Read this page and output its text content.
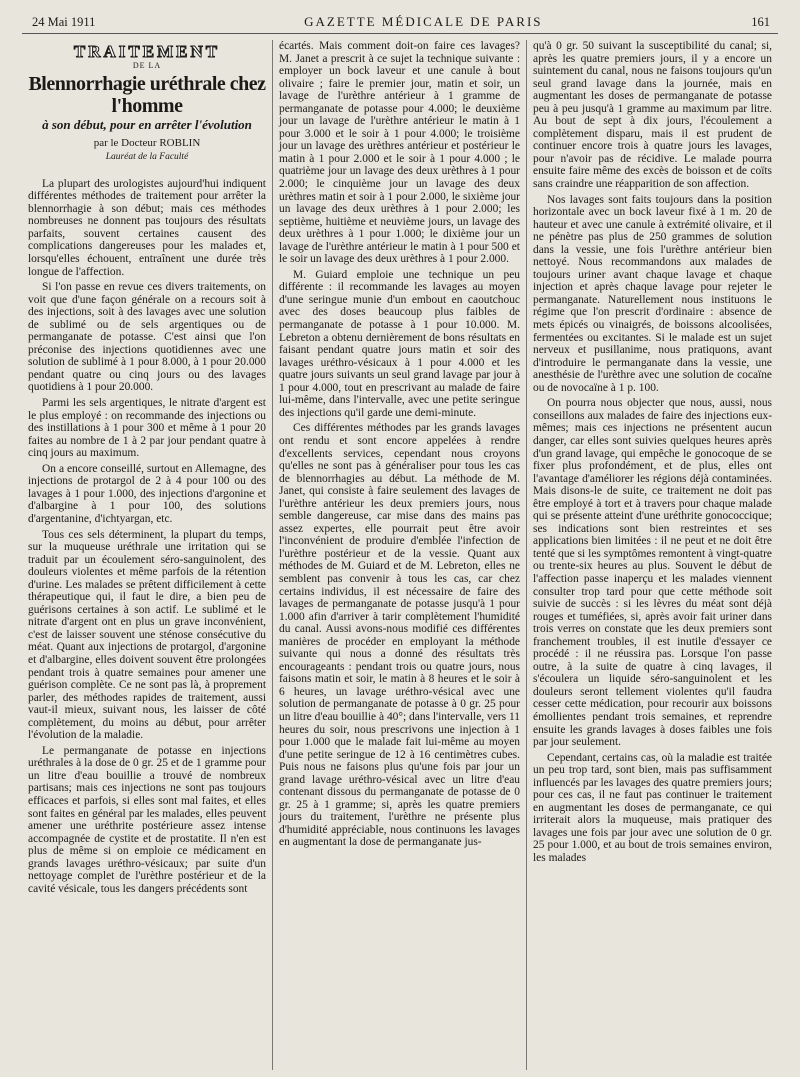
24 Mai 1911	GAZETTE MÉDICALE DE PARIS	161
TRAITEMENT
DE LA
Blennorrhagie uréthrale chez l'homme
à son début, pour en arrêter l'évolution
par le Docteur ROBLIN
Lauréat de la Faculté

La plupart des urologistes aujourd'hui indiquent différentes méthodes de traitement pour arrêter la blennorrhagie à son début; mais ces méthodes nombreuses ne donnent pas toujours des résultats parfaits, souvent certaines causent des complications dangereuses pour les malades et, lorsqu'elles échouent, entraînent une durée très longue de l'affection.

Si l'on passe en revue ces divers traitements, on voit que d'une façon générale on a recours soit à des injections, soit à des lavages avec une solution de sublimé ou de sels argentiques ou de permanganate de potasse. C'est ainsi que l'on préconise des injections quotidiennes avec une solution de sublimé à 1 pour 8.000, à 1 pour 20.000 pendant quatre ou cinq jours ou des lavages quotidiens à 1 pour 20.000.

Parmi les sels argentiques, le nitrate d'argent est le plus employé : on recommande des injections ou des instillations à 1 pour 300 et même à 1 pour 20 faites au nombre de 1 à 2 par jour pendant quatre à cinq jours au maximum.

On a encore conseillé, surtout en Allemagne, des injections de protargol de 2 à 4 pour 100 ou des lavages à 1 pour 1.000, des injections d'argonine et d'albargine à 1 pour 100, des solutions d'argentanine, d'ichtyargan, etc.

Tous ces sels déterminent, la plupart du temps, sur la muqueuse uréthrale une irritation qui se traduit par un écoulement séro-sanguinolent, des douleurs violentes et même parfois de la rétention d'urine. Les malades se prêtent difficilement à cette thérapeutique qui, il faut le dire, a bien peu de guérisons certaines à son actif. Le sublimé et le nitrate d'argent ont en plus un grave inconvénient, c'est de laisser souvent une sténose consécutive du méat. Quant aux injections de protargol, d'argonine et d'albargine, elles doivent souvent être prolongées pendant trois à quatre semaines pour amener une guérison complète. Ce ne sont pas là, à proprement parler, des méthodes rapides de traitement, aussi vaut-il mieux, suivant nous, les laisser de côté complètement, du moins au début, pour arrêter l'évolution de la maladie.

Le permanganate de potasse en injections uréthrales à la dose de 0 gr. 25 et de 1 gramme pour un litre d'eau bouillie a trouvé de nombreux partisans; mais ces injections ne sont pas toujours efficaces et parfois, si elles sont mal faites, et elles sont faites en général par les malades, elles peuvent amener une uréthrite postérieure assez intense accompagnée de cystite et de prostatite. Il n'en est plus de même si on emploie ce médicament en grands lavages uréthro-vésicaux; par suite d'un nettoyage complet de l'urèthre postérieur et de la cavité vésicale, tous les dangers précédents sont

écartés. Mais comment doit-on faire ces lavages? M. Janet a prescrit à ce sujet la technique suivante : employer un bock laveur et une canule à bout olivaire ; faire le premier jour, matin et soir, un lavage de l'urèthre antérieur à 1 gramme de permanganate de potasse pour 4.000; le deuxième jour un lavage de l'urèthre antérieur le matin à 1 pour 3.000 et le soir à 1 pour 4.000; le troisième jour un lavage des urèthres antérieur et postérieur le matin à 1 pour 2.000 et le soir à 1 pour 4.000 ; le quatrième jour un lavage des deux urèthres à 1 pour 2.000; le cinquième jour un lavage des deux urèthres matin et soir à 1 pour 2.000, le sixième jour un lavage des deux urèthres à 1 pour 2.000; les septième, huitième et neuvième jours, un lavage des deux urèthres à 1 pour 1.000; le dixième jour un lavage de l'urèthre antérieur le matin à 1 pour 500 et le soir un lavage des deux urèthres à 1 pour 2.000.

M. Guiard emploie une technique un peu différente : il recommande les lavages au moyen d'une seringue munie d'un embout en caoutchouc avec des doses beaucoup plus faibles de permanganate de potasse à 1 pour 10.000. M. Lebreton a obtenu dernièrement de bons résultats en faisant pendant quatre jours matin et soir des lavages uréthro-vésicaux à 1 pour 4.000 et les quatre jours suivants un seul grand lavage par jour à 1 pour 4.000, tout en prescrivant au malade de faire lui-même, dans l'intervalle, avec une petite seringue des injections qu'il garde une demi-minute.

Ces différentes méthodes par les grands lavages ont rendu et sont encore appelées à rendre d'excellents services, cependant nous croyons qu'elles ne sont pas à généraliser pour tous les cas de blennorrhagies au début. La méthode de M. Janet, qui consiste à faire seulement des lavages de l'urèthre antérieur les deux premiers jours, nous semble dangereuse, car mise dans des mains pas assez expertes, elle pourrait peut être avoir l'inconvénient de produire d'emblée l'infection de l'urèthre postérieur et de la vessie. Quant aux méthodes de M. Guiard et de M. Lebreton, elles ne semblent pas convenir à tous les cas, car chez certains individus, il est nécessaire de faire des lavages de permanganate de potasse jusqu'à 1 pour 1.000 afin d'arriver à tarir complètement l'humidité du canal. Aussi avons-nous modifié ces différentes manières de procéder en employant la méthode suivante qui nous a donné des résultats très encourageants : pendant trois ou quatre jours, nous faisons matin et soir, le matin à 8 heures et le soir à 6 heures, un lavage uréthro-vésical avec une solution de permanganate de potasse à 0 gr. 25 pour un litre d'eau bouillie à 40°; dans l'intervalle, vers 11 heures du soir, nous prescrivons une injection à 1 pour 1.000 que le malade fait lui-même au moyen d'une petite seringue de 12 à 16 centimètres cubes. Puis nous ne faisons plus qu'une fois par jour un grand lavage uréthro-vésical avec un litre d'eau contenant dissous du permanganate de potasse de 0 gr. 25 à 1 gramme; si, après les quatre premiers jours du traitement, l'urèthre ne présente plus d'humidité appréciable, nous continuons les lavages en augmentant la dose de permanganate jus-

qu'à 0 gr. 50 suivant la susceptibilité du canal; si, après les quatre premiers jours, il y a encore un suintement du canal, nous ne faisons toujours qu'un seul grand lavage dans la journée, mais en augmentant les doses de permanganate de potasse peu à peu jusqu'à 1 gramme au maximum par litre. Au bout de sept à dix jours, l'écoulement a complètement disparu, mais il est prudent de continuer encore trois à quatre jours les lavages, pour n'avoir pas de récidive. Le malade pourra ensuite faire même des excès de boisson et de coïts sans craindre une réapparition de son affection.

Nos lavages sont faits toujours dans la position horizontale avec un bock laveur fixé à 1 m. 20 de hauteur et avec une canule à extrémité olivaire, et il ne pénètre pas plus de 250 grammes de solution dans la vessie, une fois l'urèthre antérieur bien nettoyé. Nous recommandons aux malades de toujours uriner avant chaque lavage et chaque injection et après chaque lavage pour rejeter le permanganate. Naturellement nous instituons le régime que l'on prescrit d'ordinaire : absence de mets épicés ou vinaigrés, de boissons alcoolisées, fermentées ou excitantes. Si le malade est un sujet nerveux et pusillanime, nous pratiquons, avant d'introduire le permanganate dans la vessie, une anesthésie de l'urèthre avec une solution de cocaïne ou de novocaïne à 1 p. 100.

On pourra nous objecter que nous, aussi, nous conseillons aux malades de faire des injections eux-mêmes; mais ces injections ne présentent aucun danger, car elles sont suivies quelques heures après d'un grand lavage, qui empêche le gonocoque de se fixer plus profondément, et de plus, elles ont l'avantage d'améliorer les régions déjà contaminées. Mais disons-le de suite, ce traitement ne doit pas être employé à tort et à travers pour chaque malade qui se présente atteint d'une uréthrite gonococcique; ses indications sont bien restreintes et ses applications bien limitées : il ne peut et ne doit être tenté que si les symptômes remontent à vingt-quatre ou trente-six heures au plus. Souvent le début de l'affection passe inaperçu et les malades viennent consulter trop tard pour que cette méthode soit suivie de succès : si les lèvres du méat sont déjà rouges et tuméfiées, si, après avoir fait uriner dans trois verres on constate que les deux premiers sont franchement troubles, il est inutile d'essayer ce procédé : il ne réussira pas. Lorsque l'on passe outre, à la suite de quatre à cinq lavages, il s'écoulera un liquide séro-sanguinolent et les douleurs seront tellement violentes qu'il faudra cesser cette médication, pour recourir aux boissons émollientes pendant trois semaines, et reprendre ensuite les grands lavages à doses faibles une fois par jour seulement.

Cependant, certains cas, où la maladie est traitée un peu trop tard, sont bien, mais pas suffisamment influencés par les lavages des quatre premiers jours; pour ces cas, il ne faut pas continuer le traitement en augmentant les doses de permanganate, ce qui irriterait alors la muqueuse, mais pratiquer des lavages une fois par jour avec une solution de 0 gr. 25 pour 1.000, et au bout de trois semaines environ, les malades
